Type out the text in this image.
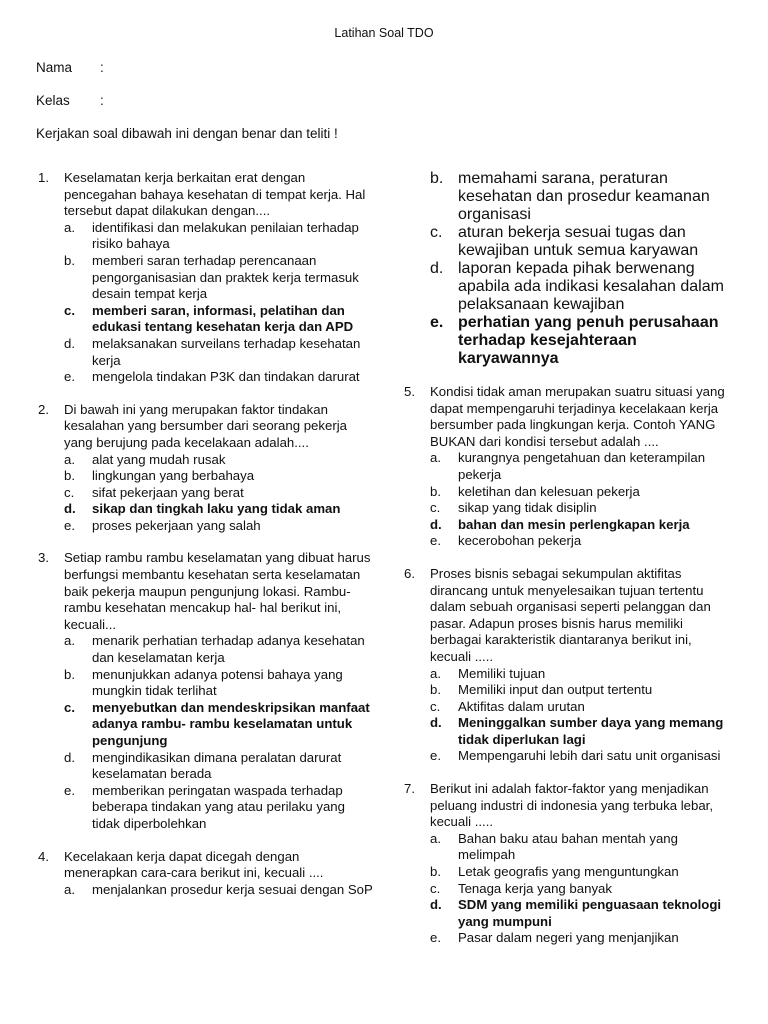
Latihan Soal TDO
Nama :
Kelas :
Kerjakan soal dibawah ini dengan benar dan teliti !
1.	Keselamatan kerja berkaitan erat dengan pencegahan bahaya kesehatan di tempat kerja. Hal tersebut dapat dilakukan dengan....
a.	identifikasi dan melakukan penilaian terhadap risiko bahaya
b.	memberi saran terhadap perencanaan pengorganisasian dan praktek kerja termasuk desain tempat kerja
c.	memberi saran, informasi, pelatihan dan edukasi tentang kesehatan kerja dan APD
d.	melaksanakan surveilans terhadap kesehatan kerja
e.	mengelola tindakan P3K dan tindakan darurat
2.	Di bawah ini yang merupakan faktor tindakan kesalahan yang bersumber dari seorang pekerja yang berujung pada kecelakaan adalah....
a.	alat yang mudah rusak
b.	lingkungan yang berbahaya
c.	sifat pekerjaan yang berat
d.	sikap dan tingkah laku yang tidak aman
e.	proses pekerjaan yang salah
3.	Setiap rambu rambu keselamatan yang dibuat harus berfungsi membantu kesehatan serta keselamatan baik pekerja maupun pengunjung lokasi. Rambu-rambu kesehatan mencakup hal- hal berikut ini, kecuali...
a.	menarik perhatian terhadap adanya kesehatan dan keselamatan kerja
b.	menunjukkan adanya potensi bahaya yang mungkin tidak terlihat
c.	menyebutkan dan mendeskripsikan manfaat adanya rambu- rambu keselamatan untuk pengunjung
d.	mengindikasikan dimana peralatan darurat keselamatan berada
e.	memberikan peringatan waspada terhadap beberapa tindakan yang atau perilaku yang tidak diperbolehkan
4.	Kecelakaan kerja dapat dicegah dengan menerapkan cara-cara berikut ini, kecuali ....
a.	menjalankan prosedur kerja sesuai dengan SoP
b. memahami sarana, peraturan kesehatan dan prosedur keamanan organisasi
c. aturan bekerja sesuai tugas dan kewajiban untuk semua karyawan
d. laporan kepada pihak berwenang apabila ada indikasi kesalahan dalam pelaksanaan kewajiban
e. perhatian yang penuh perusahaan terhadap kesejahteraan karyawannya
5.	Kondisi tidak aman merupakan suatru situasi yang dapat mempengaruhi terjadinya kecelakaan kerja bersumber pada lingkungan kerja. Contoh YANG BUKAN dari kondisi tersebut adalah ....
a.	kurangnya pengetahuan dan keterampilan pekerja
b.	keletihan dan kelesuan pekerja
c.	sikap yang tidak disiplin
d.	bahan dan mesin perlengkapan kerja
e.	kecerobohan pekerja
6.	Proses bisnis sebagai sekumpulan aktifitas dirancang untuk menyelesaikan tujuan tertentu dalam sebuah organisasi seperti pelanggan dan pasar. Adapun proses bisnis harus memiliki berbagai karakteristik diantaranya berikut ini, kecuali .....
a.	Memiliki tujuan
b.	Memiliki input dan output tertentu
c.	Aktifitas dalam urutan
d.	Meninggalkan sumber daya yang memang tidak diperlukan lagi
e.	Mempengaruhi lebih dari satu unit organisasi
7.	Berikut ini adalah faktor-faktor yang menjadikan peluang industri di indonesia yang terbuka lebar, kecuali .....
a.	Bahan baku atau bahan mentah yang melimpah
b.	Letak geografis yang menguntungkan
c.	Tenaga kerja yang banyak
d.	SDM yang memiliki penguasaan teknologi yang mumpuni
e.	Pasar dalam negeri yang menjanjikan
